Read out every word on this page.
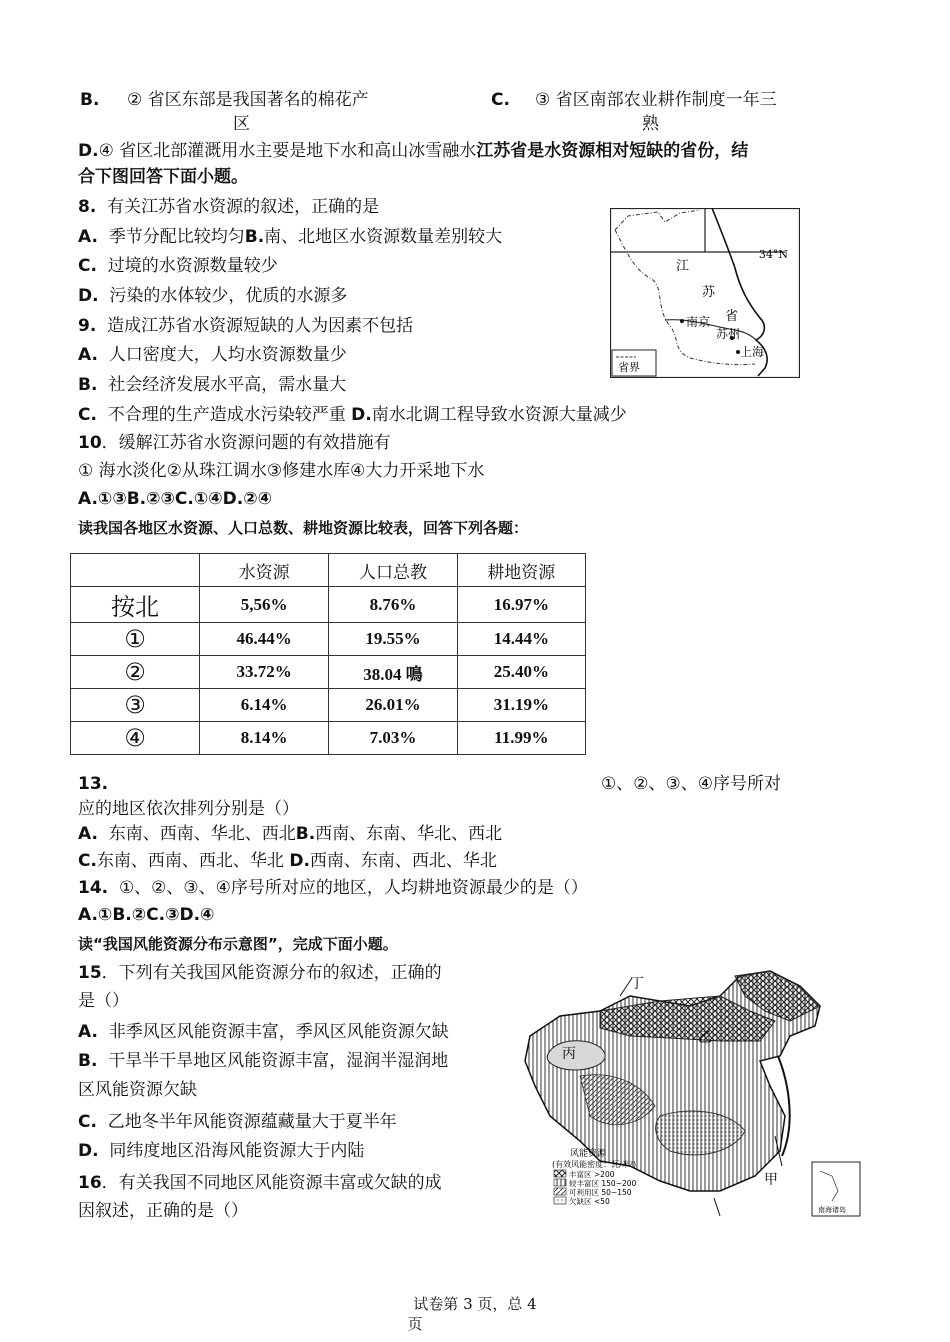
B. ② 省区东部是我国著名的棉花产
区
C. ③ 省区南部农业耕作制度一年三
熟
D.④ 省区北部灌溉用水主要是地下水和高山冰雪融水江苏省是水资源相对短缺的省份，结
合下图回答下面小题。
8. 有关江苏省水资源的叙述，正确的是
A. 季节分配比较均匀B.南、北地区水资源数量差别较大
C. 过境的水资源数量较少
D. 污染的水体较少，优质的水源多
9. 造成江苏省水资源短缺的人为因素不包括
A. 人口密度大，人均水资源数量少
B. 社会经济发展水平高，需水量大
C. 不合理的生产造成水污染较严重 D.南水北调工程导致水资源大量减少
10．缓解江苏省水资源问题的有效措施有
① 海水淡化②从珠江调水③修建水库④大力开采地下水
A.①③B.②③C.①④D.②④
34°N
江
苏
省
南京
苏州
上海
省界
读我国各地区水资源、人口总数、耕地资源比较表，回答下列各题：
	水资源	人口总教	耕地资源
按北	5,56%	8.76%	16.97%
①	46.44%	19.55%	14.44%
②	33.72%	38.04 鳴	25.40%
③	6.14%	26.01%	31.19%
④	8.14%	7.03%	11.99%
13.	①、②、③、④序号所对
应的地区依次排列分别是（）
A. 东南、西南、华北、西北B.西南、东南、华北、西北
C.东南、西南、西北、华北 D.西南、东南、西北、华北
14. ①、②、③、④序号所对应的地区，人均耕地资源最少的是（）
A.①B.②C.③D.④
读“我国风能资源分布示意图”，完成下面小题。
15．下列有关我国风能资源分布的叙述，正确的
是（）
A. 非季风区风能资源丰富，季风区风能资源欠缺
B. 干旱半干旱地区风能资源丰富，湿润半湿润地
区风能资源欠缺
C. 乙地冬半年风能资源蕴藏量大于夏半年
D. 同纬度地区沿海风能资源大于内陆
16．有关我国不同地区风能资源丰富或欠缺的成
因叙述，正确的是（）
丁
乙
丙
甲
风能资源
(有效风能密度：瓦/米²)
丰富区 >200
较丰富区 150~200
可利用区 50~150
欠缺区 <50
南海诸岛
试卷第 3 页，总 4
页
